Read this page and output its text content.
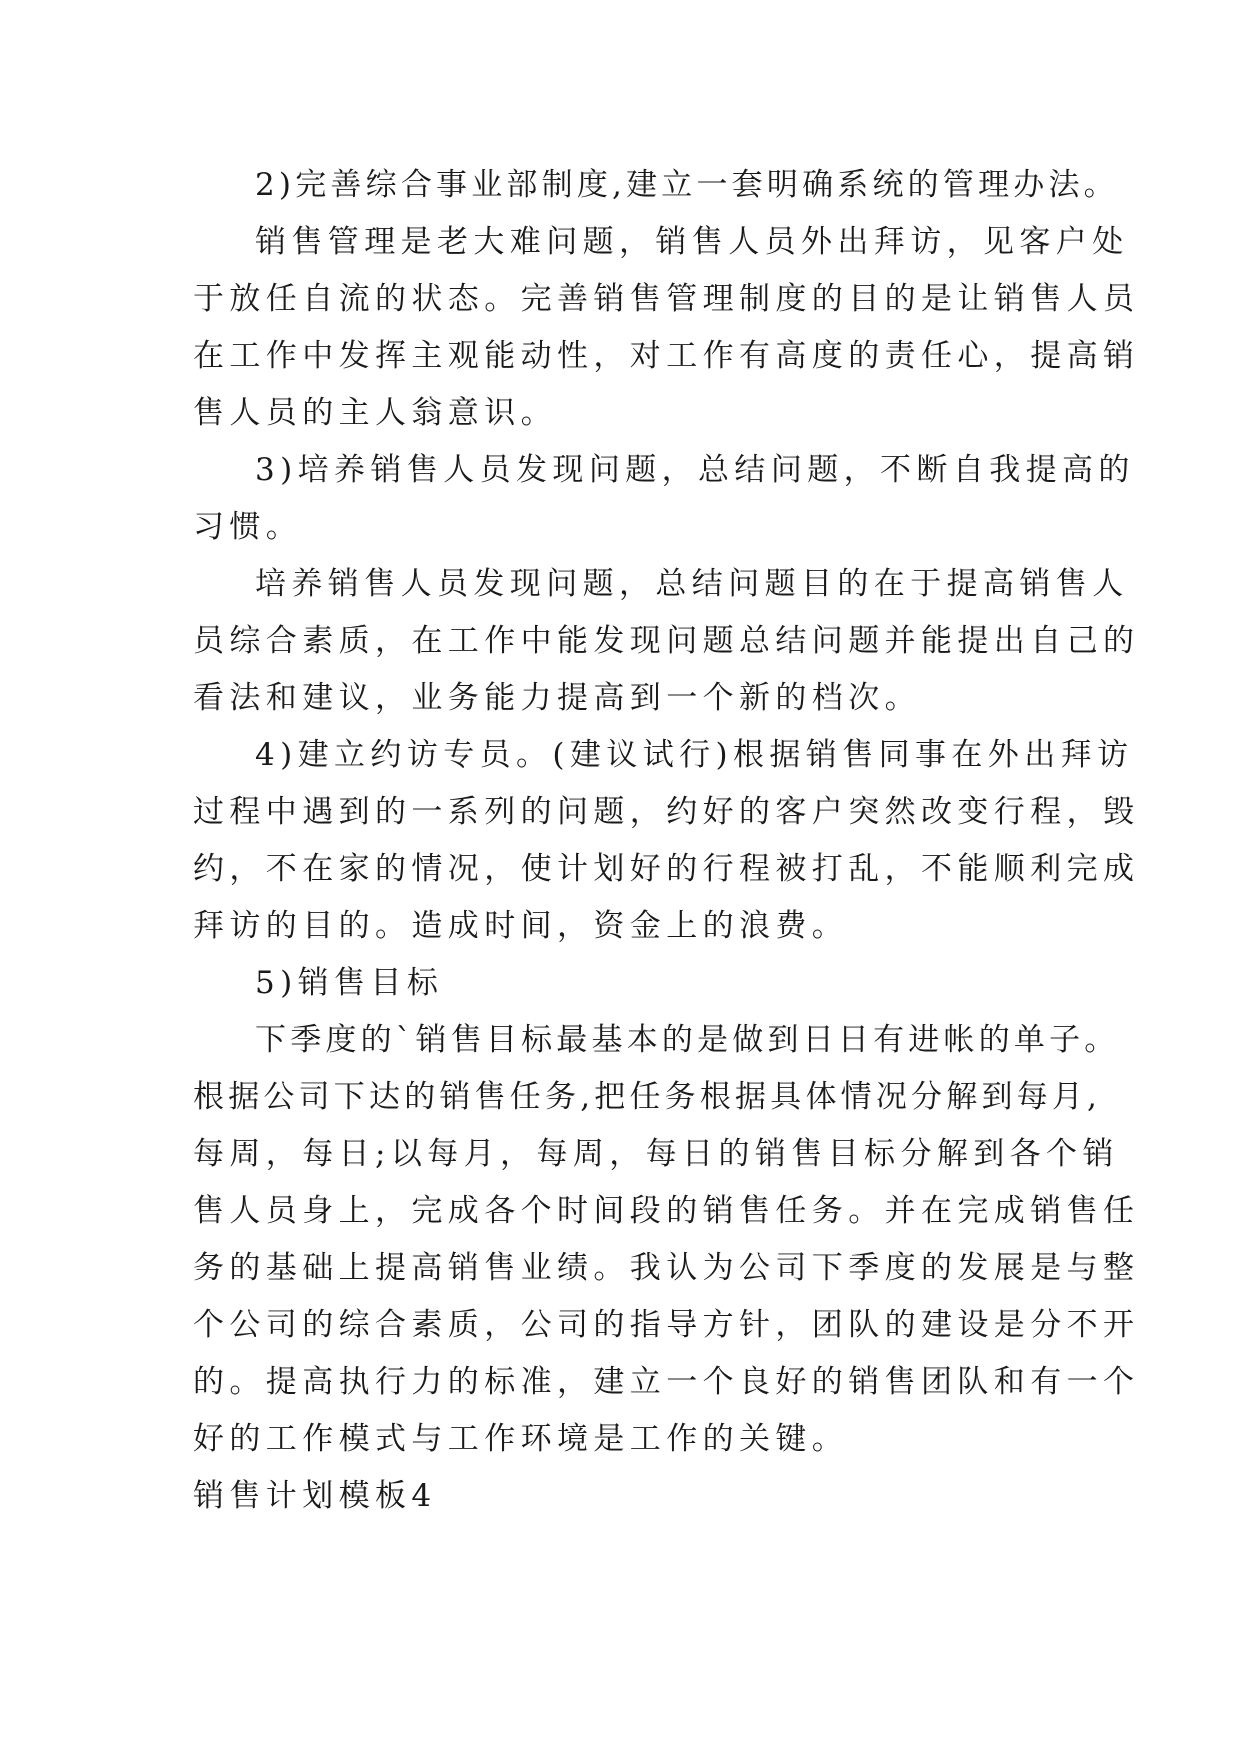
2)完善综合事业部制度,建立一套明确系统的管理办法。
销售管理是老大难问题，销售人员外出拜访，见客户处
于放任自流的状态。完善销售管理制度的目的是让销售人员
在工作中发挥主观能动性，对工作有高度的责任心，提高销
售人员的主人翁意识。
3)培养销售人员发现问题，总结问题，不断自我提高的
习惯。
培养销售人员发现问题，总结问题目的在于提高销售人
员综合素质，在工作中能发现问题总结问题并能提出自己的
看法和建议，业务能力提高到一个新的档次。
4)建立约访专员。(建议试行)根据销售同事在外出拜访
过程中遇到的一系列的问题，约好的客户突然改变行程，毁
约，不在家的情况，使计划好的行程被打乱，不能顺利完成
拜访的目的。造成时间，资金上的浪费。
5)销售目标
下季度的`销售目标最基本的是做到日日有进帐的单子。
根据公司下达的销售任务,把任务根据具体情况分解到每月,
每周，每日;以每月，每周，每日的销售目标分解到各个销
售人员身上，完成各个时间段的销售任务。并在完成销售任
务的基础上提高销售业绩。我认为公司下季度的发展是与整
个公司的综合素质，公司的指导方针，团队的建设是分不开
的。提高执行力的标准，建立一个良好的销售团队和有一个
好的工作模式与工作环境是工作的关键。
销售计划模板4
